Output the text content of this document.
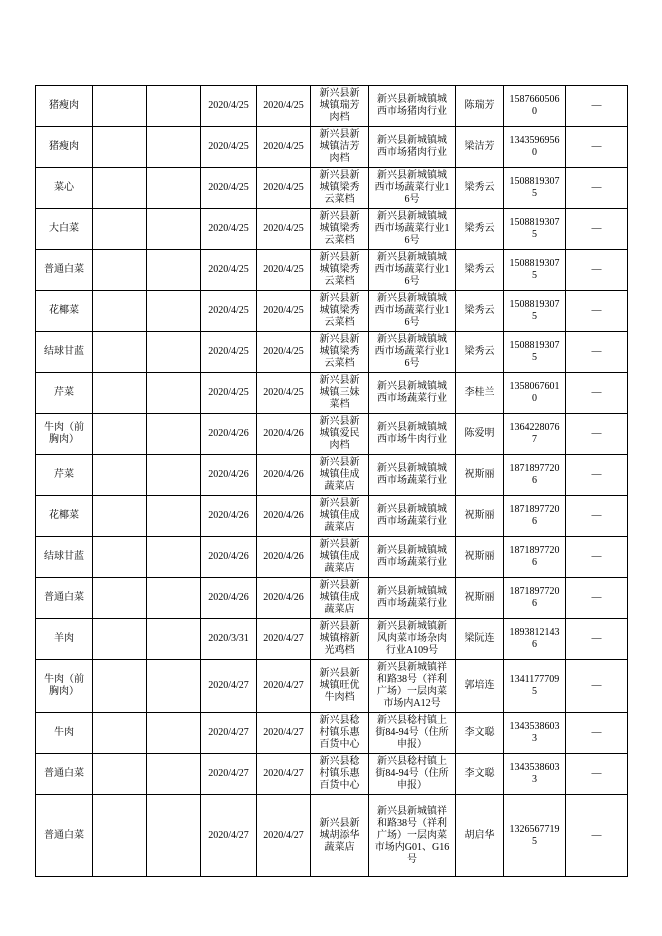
猪瘦肉			2020/4/25	2020/4/25	新兴县新城镇瑞芳肉档	新兴县新城镇城西市场猪肉行业	陈瑞芳	15876605060	—
猪瘦肉			2020/4/25	2020/4/25	新兴县新城镇洁芳肉档	新兴县新城镇城西市场猪肉行业	梁洁芳	13435969560	—
菜心			2020/4/25	2020/4/25	新兴县新城镇梁秀云菜档	新兴县新城镇城西市场蔬菜行业16号	梁秀云	15088193075	—
大白菜			2020/4/25	2020/4/25	新兴县新城镇梁秀云菜档	新兴县新城镇城西市场蔬菜行业16号	梁秀云	15088193075	—
普通白菜			2020/4/25	2020/4/25	新兴县新城镇梁秀云菜档	新兴县新城镇城西市场蔬菜行业16号	梁秀云	15088193075	—
花椰菜			2020/4/25	2020/4/25	新兴县新城镇梁秀云菜档	新兴县新城镇城西市场蔬菜行业16号	梁秀云	15088193075	—
结球甘蓝			2020/4/25	2020/4/25	新兴县新城镇梁秀云菜档	新兴县新城镇城西市场蔬菜行业16号	梁秀云	15088193075	—
芹菜			2020/4/25	2020/4/25	新兴县新城镇三妹菜档	新兴县新城镇城西市场蔬菜行业	李桂兰	13580676010	—
牛肉（前胸肉）			2020/4/26	2020/4/26	新兴县新城镇爱民肉档	新兴县新城镇城西市场牛肉行业	陈爱明	13642280767	—
芹菜			2020/4/26	2020/4/26	新兴县新城镇佳成蔬菜店	新兴县新城镇城西市场蔬菜行业	祝斯丽	18718977206	—
花椰菜			2020/4/26	2020/4/26	新兴县新城镇佳成蔬菜店	新兴县新城镇城西市场蔬菜行业	祝斯丽	18718977206	—
结球甘蓝			2020/4/26	2020/4/26	新兴县新城镇佳成蔬菜店	新兴县新城镇城西市场蔬菜行业	祝斯丽	18718977206	—
普通白菜			2020/4/26	2020/4/26	新兴县新城镇佳成蔬菜店	新兴县新城镇城西市场蔬菜行业	祝斯丽	18718977206	—
羊肉			2020/3/31	2020/4/27	新兴县新城镇榕新光鸡档	新兴县新城镇新风肉菜市场杂肉行业A109号	梁阮连	18938121436	—
牛肉（前胸肉）			2020/4/27	2020/4/27	新兴县新城镇旺优牛肉档	新兴县新城镇祥和路38号（祥利广场）一层肉菜市场内A12号	郭培连	13411777095	—
牛肉			2020/4/27	2020/4/27	新兴县稔村镇乐惠百货中心	新兴县稔村镇上街84-94号（住所申报）	李文聪	13435386033	—
普通白菜			2020/4/27	2020/4/27	新兴县稔村镇乐惠百货中心	新兴县稔村镇上街84-94号（住所申报）	李文聪	13435386033	—
普通白菜			2020/4/27	2020/4/27	新兴县新城胡添华蔬菜店	新兴县新城镇祥和路38号（祥利广场）一层肉菜市场内G01、G16号	胡启华	13265677195	—
